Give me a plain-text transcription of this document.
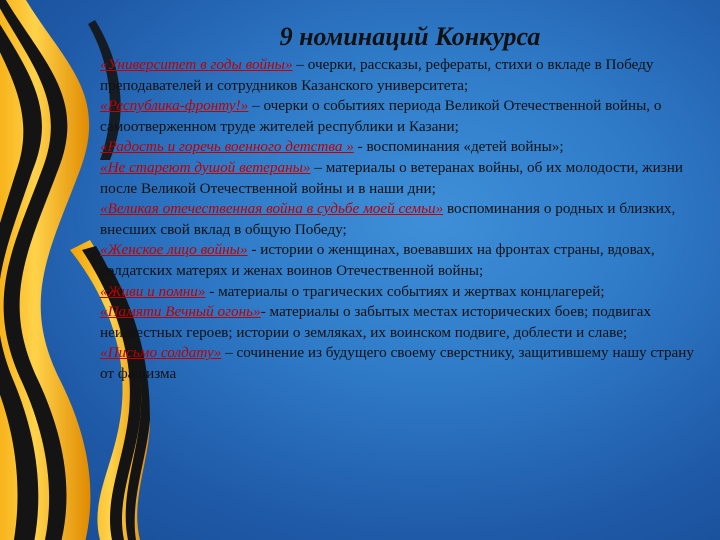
9 номинаций Конкурса

«Университет в годы войны» – очерки, рассказы, рефераты, стихи о вкладе в Победу преподавателей и сотрудников Казанского университета;

«Республика-фронту!» – очерки о событиях периода Великой Отечественной войны, о самоотверженном труде жителей республики и Казани;

«Радость и горечь военного детства » - воспоминания «детей войны»;

«Не стареют душой ветераны» – материалы о ветеранах войны, об их молодости, жизни после Великой Отечественной войны и в наши дни;

«Великая отечественная война в судьбе моей семьи» воспоминания о родных и близких, внесших свой вклад в общую Победу;

«Женское лицо войны» - истории о женщинах, воевавших на фронтах страны, вдовах, солдатских матерях и женах воинов Отечественной войны;

«Живи и помни» - материалы о трагических событиях и жертвах концлагерей;

«Памяти Вечный огонь»- материалы о забытых местах исторических боев; подвигах неизвестных героев; истории о земляках, их воинском подвиге, доблести и славе;

«Письмо солдату» – сочинение из будущего своему сверстнику, защитившему нашу страну от фашизма
